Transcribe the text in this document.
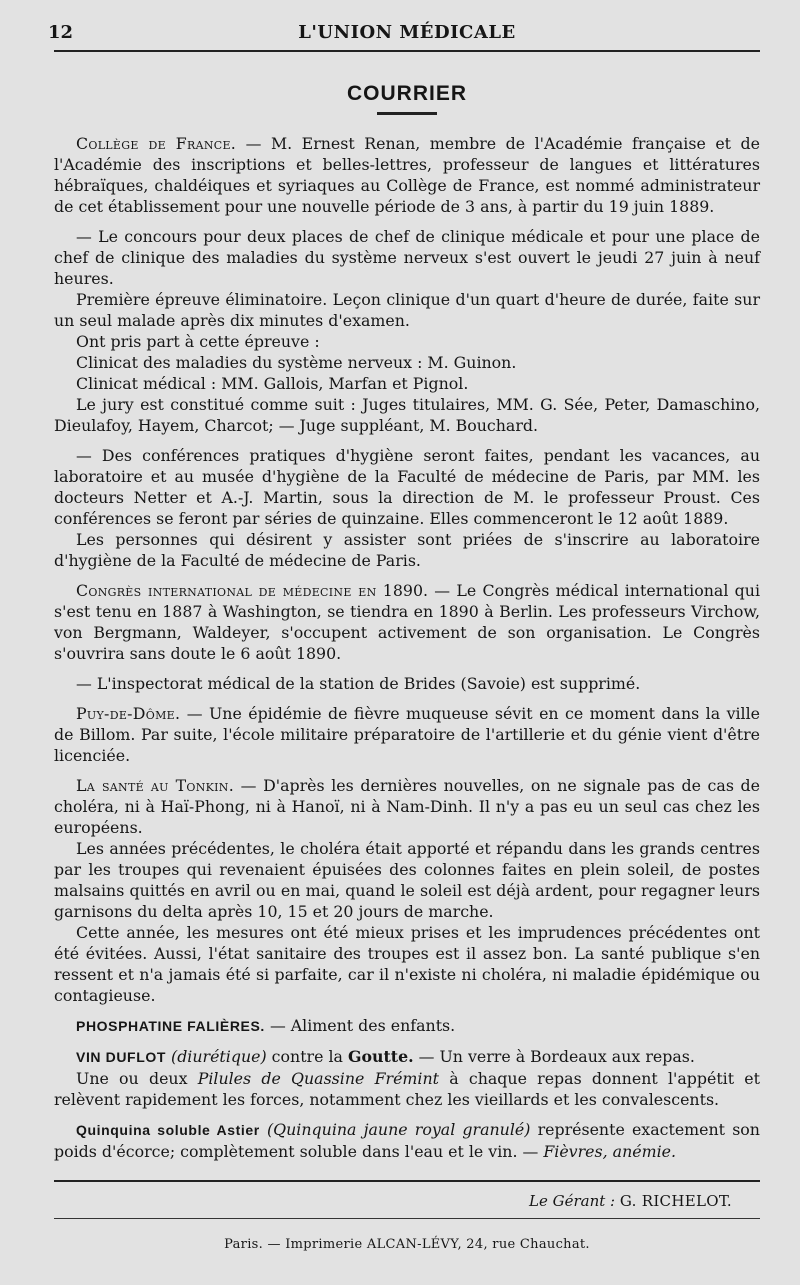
12	L'UNION MÉDICALE
COURRIER

Collège de France. — M. Ernest Renan, membre de l'Académie française et de l'Académie des inscriptions et belles-lettres, professeur de langues et littératures hébraïques, chaldéiques et syriaques au Collège de France, est nommé administrateur de cet établissement pour une nouvelle période de 3 ans, à partir du 19 juin 1889.

— Le concours pour deux places de chef de clinique médicale et pour une place de chef de clinique des maladies du système nerveux s'est ouvert le jeudi 27 juin à neuf heures.

Première épreuve éliminatoire. Leçon clinique d'un quart d'heure de durée, faite sur un seul malade après dix minutes d'examen.

Ont pris part à cette épreuve :

Clinicat des maladies du système nerveux : M. Guinon.

Clinicat médical : MM. Gallois, Marfan et Pignol.

Le jury est constitué comme suit : Juges titulaires, MM. G. Sée, Peter, Damaschino, Dieulafoy, Hayem, Charcot; — Juge suppléant, M. Bouchard.

— Des conférences pratiques d'hygiène seront faites, pendant les vacances, au laboratoire et au musée d'hygiène de la Faculté de médecine de Paris, par MM. les docteurs Netter et A.-J. Martin, sous la direction de M. le professeur Proust. Ces conférences se feront par séries de quinzaine. Elles commenceront le 12 août 1889.

Les personnes qui désirent y assister sont priées de s'inscrire au laboratoire d'hygiène de la Faculté de médecine de Paris.

Congrès international de médecine en 1890. — Le Congrès médical international qui s'est tenu en 1887 à Washington, se tiendra en 1890 à Berlin. Les professeurs Virchow, von Bergmann, Waldeyer, s'occupent activement de son organisation. Le Congrès s'ouvrira sans doute le 6 août 1890.

— L'inspectorat médical de la station de Brides (Savoie) est supprimé.

Puy-de-Dôme. — Une épidémie de fièvre muqueuse sévit en ce moment dans la ville de Billom. Par suite, l'école militaire préparatoire de l'artillerie et du génie vient d'être licenciée.

La santé au Tonkin. — D'après les dernières nouvelles, on ne signale pas de cas de choléra, ni à Haï-Phong, ni à Hanoï, ni à Nam-Dinh. Il n'y a pas eu un seul cas chez les européens.

Les années précédentes, le choléra était apporté et répandu dans les grands centres par les troupes qui revenaient épuisées des colonnes faites en plein soleil, de postes malsains quittés en avril ou en mai, quand le soleil est déjà ardent, pour regagner leurs garnisons du delta après 10, 15 et 20 jours de marche.

Cette année, les mesures ont été mieux prises et les imprudences précédentes ont été évitées. Aussi, l'état sanitaire des troupes est il assez bon. La santé publique s'en ressent et n'a jamais été si parfaite, car il n'existe ni choléra, ni maladie épidémique ou contagieuse.

PHOSPHATINE FALIÈRES. — Aliment des enfants.

VIN DUFLOT (diurétique) contre la Goutte. — Un verre à Bordeaux aux repas.

Une ou deux Pilules de Quassine Frémint à chaque repas donnent l'appétit et relèvent rapidement les forces, notamment chez les vieillards et les convalescents.

Quinquina soluble Astier (Quinquina jaune royal granulé) représente exactement son poids d'écorce; complètement soluble dans l'eau et le vin. — Fièvres, anémie.

Le Gérant : G. RICHELOT.
Paris. — Imprimerie ALCAN-LÉVY, 24, rue Chauchat.
